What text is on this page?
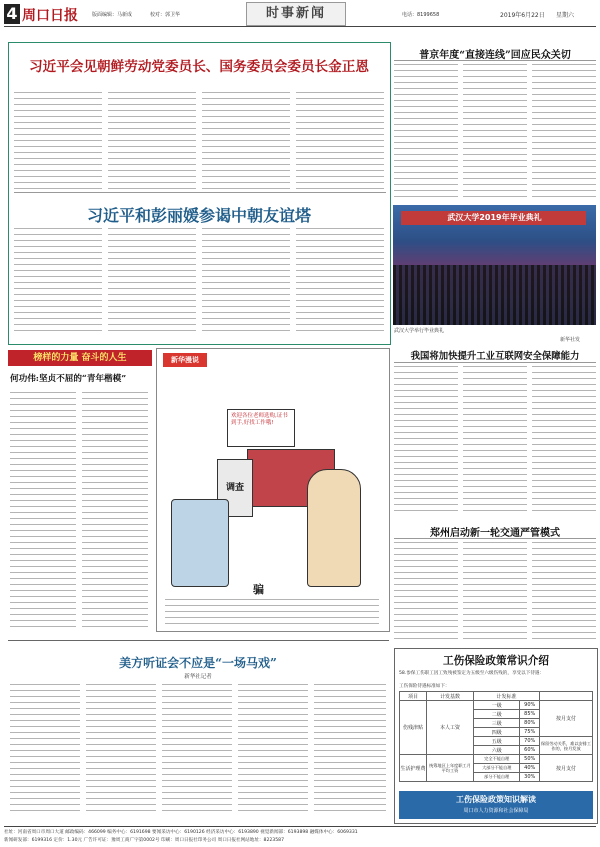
4 周口日报	版面编辑：马新成	校对：郭卫华	时事新闻	电话：8199658	2019年6月22日 星期六
习近平会见朝鲜劳动党委员长、国务委员会委员长金正恩
习近平和彭丽媛参谒中朝友谊塔
普京年度“直接连线”回应民众关切
武汉大学2019年毕业典礼
武汉大学举行毕业典礼
新华社发
榜样的力量 奋斗的人生
何功伟:坚贞不屈的“青年楷模”
新华漫说
欢迎各位老师选购,证书到手,好找工作哦!
调查
骗
我国将加快提升工业互联网安全保障能力
郑州启动新一轮交通严管模式
美方听证会不应是“一场马戏”
新华社记者
工伤保险政策常识介绍
58.参保工伤职工因工致残被鉴定为五级至六级伤残的，享受以下待遇：
工伤保险待遇标准如下：
项目	计发基数	计发标准		
伤残津贴	本人工资	一级	90%	按月支付
		二级	85%	
		三级	80%	
		四级	75%	
		五级	70%	保留劳动关系，难以安排工作的，按月发放
		六级	60%	
生活护理费	统筹地区上年度职工月平均工资	完全不能自理	50%	按月支付
		大部分不能自理	40%	
		部分不能自理	30%	
工伤保险政策知识解读
周口市人力资源和社会保障局
社址：河南省周口市周口大道 邮政编码：466099 编务中心：6191698 要闻采访中心：6190126 经济采访中心：6193890 视觉新闻部：6193898 融媒体中心：6069331
新闻研发部：6199316 定价：1.30元 广告许可证：豫周工商广字第0002号 印刷：周口日报社印务公司 周口日报社网站地址：8223587
